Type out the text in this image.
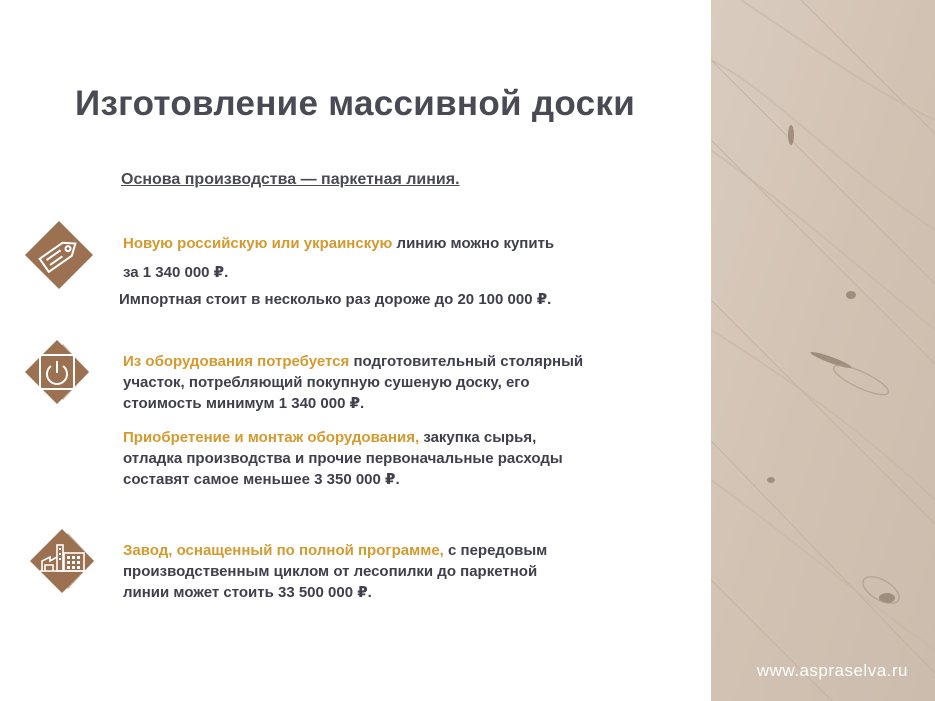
Изготовление массивной доски
Основа производства — паркетная линия.
Новую российскую или украинскую линию можно купить
за 1 340 000 ₽.
Импортная стоит в несколько раз дороже до 20 100 000 ₽.
Из оборудования потребуется подготовительный столярный
участок, потребляющий покупную сушеную доску, его
стоимость минимум 1 340 000 ₽.
Приобретение и монтаж оборудования, закупка сырья,
отладка производства и прочие первоначальные расходы
составят самое меньшее 3 350 000 ₽.
Завод, оснащенный по полной программе, с передовым
производственным циклом от лесопилки до паркетной
линии может стоить 33 500 000 ₽.
www.aspraselva.ru
